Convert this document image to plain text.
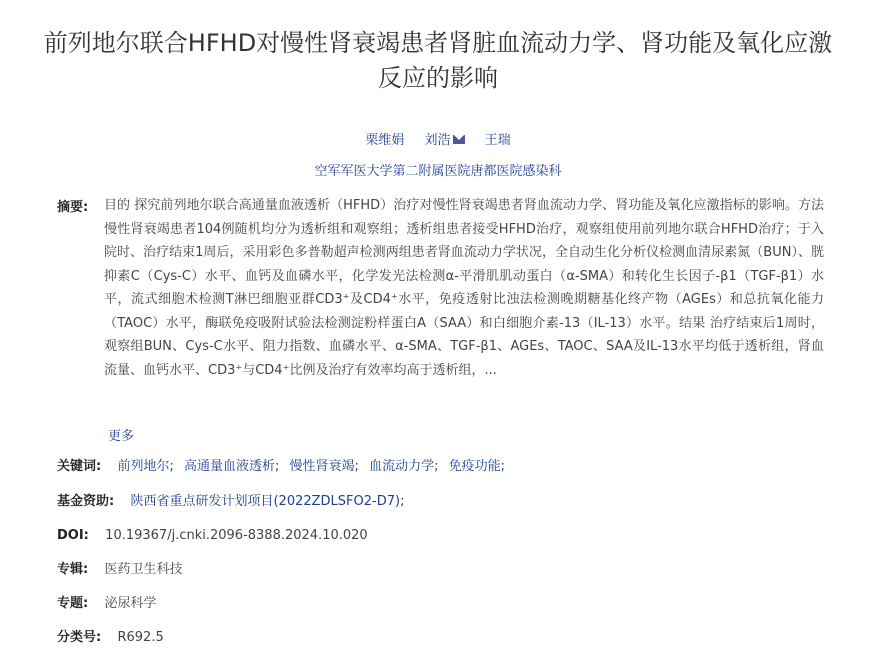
前列地尔联合HFHD对慢性肾衰竭患者肾脏血流动力学、肾功能及氧化应激反应的影响
栗维娟 刘浩	王瑞
空军军医大学第二附属医院唐都医院感染科
摘要: 目的 探究前列地尔联合高通量血液透析（HFHD）治疗对慢性肾衰竭患者肾血流动力学、肾功能及氧化应激指标的影响。方法 慢性肾衰竭患者104例随机均分为透析组和观察组；透析组患者接受HFHD治疗，观察组使用前列地尔联合HFHD治疗；于入院时、治疗结束1周后，采用彩色多普勒超声检测两组患者肾血流动力学状况，全自动生化分析仪检测血清尿素氮（BUN）、胱抑素C（Cys-C）水平、血钙及血磷水平，化学发光法检测α-平滑肌肌动蛋白（α-SMA）和转化生长因子-β1（TGF-β1）水平，流式细胞术检测T淋巴细胞亚群CD3⁺及CD4⁺水平，免疫透射比浊法检测晚期糖基化终产物（AGEs）和总抗氧化能力（TAOC）水平，酶联免疫吸附试验法检测淀粉样蛋白A（SAA）和白细胞介素-13（IL-13）水平。结果 治疗结束后1周时，观察组BUN、Cys-C水平、阻力指数、血磷水平、α-SMA、TGF-β1、AGEs、TAOC、SAA及IL-13水平均低于透析组，肾血流量、血钙水平、CD3⁺与CD4⁺比例及治疗有效率均高于透析组，...
更多
关键词: 前列地尔; 高通量血液透析; 慢性肾衰竭; 血流动力学; 免疫功能;
基金资助: 陕西省重点研发计划项目(2022ZDLSFO2-D7);
DOI: 10.19367/j.cnki.2096-8388.2024.10.020
专辑: 医药卫生科技
专题: 泌尿科学
分类号: R692.5
